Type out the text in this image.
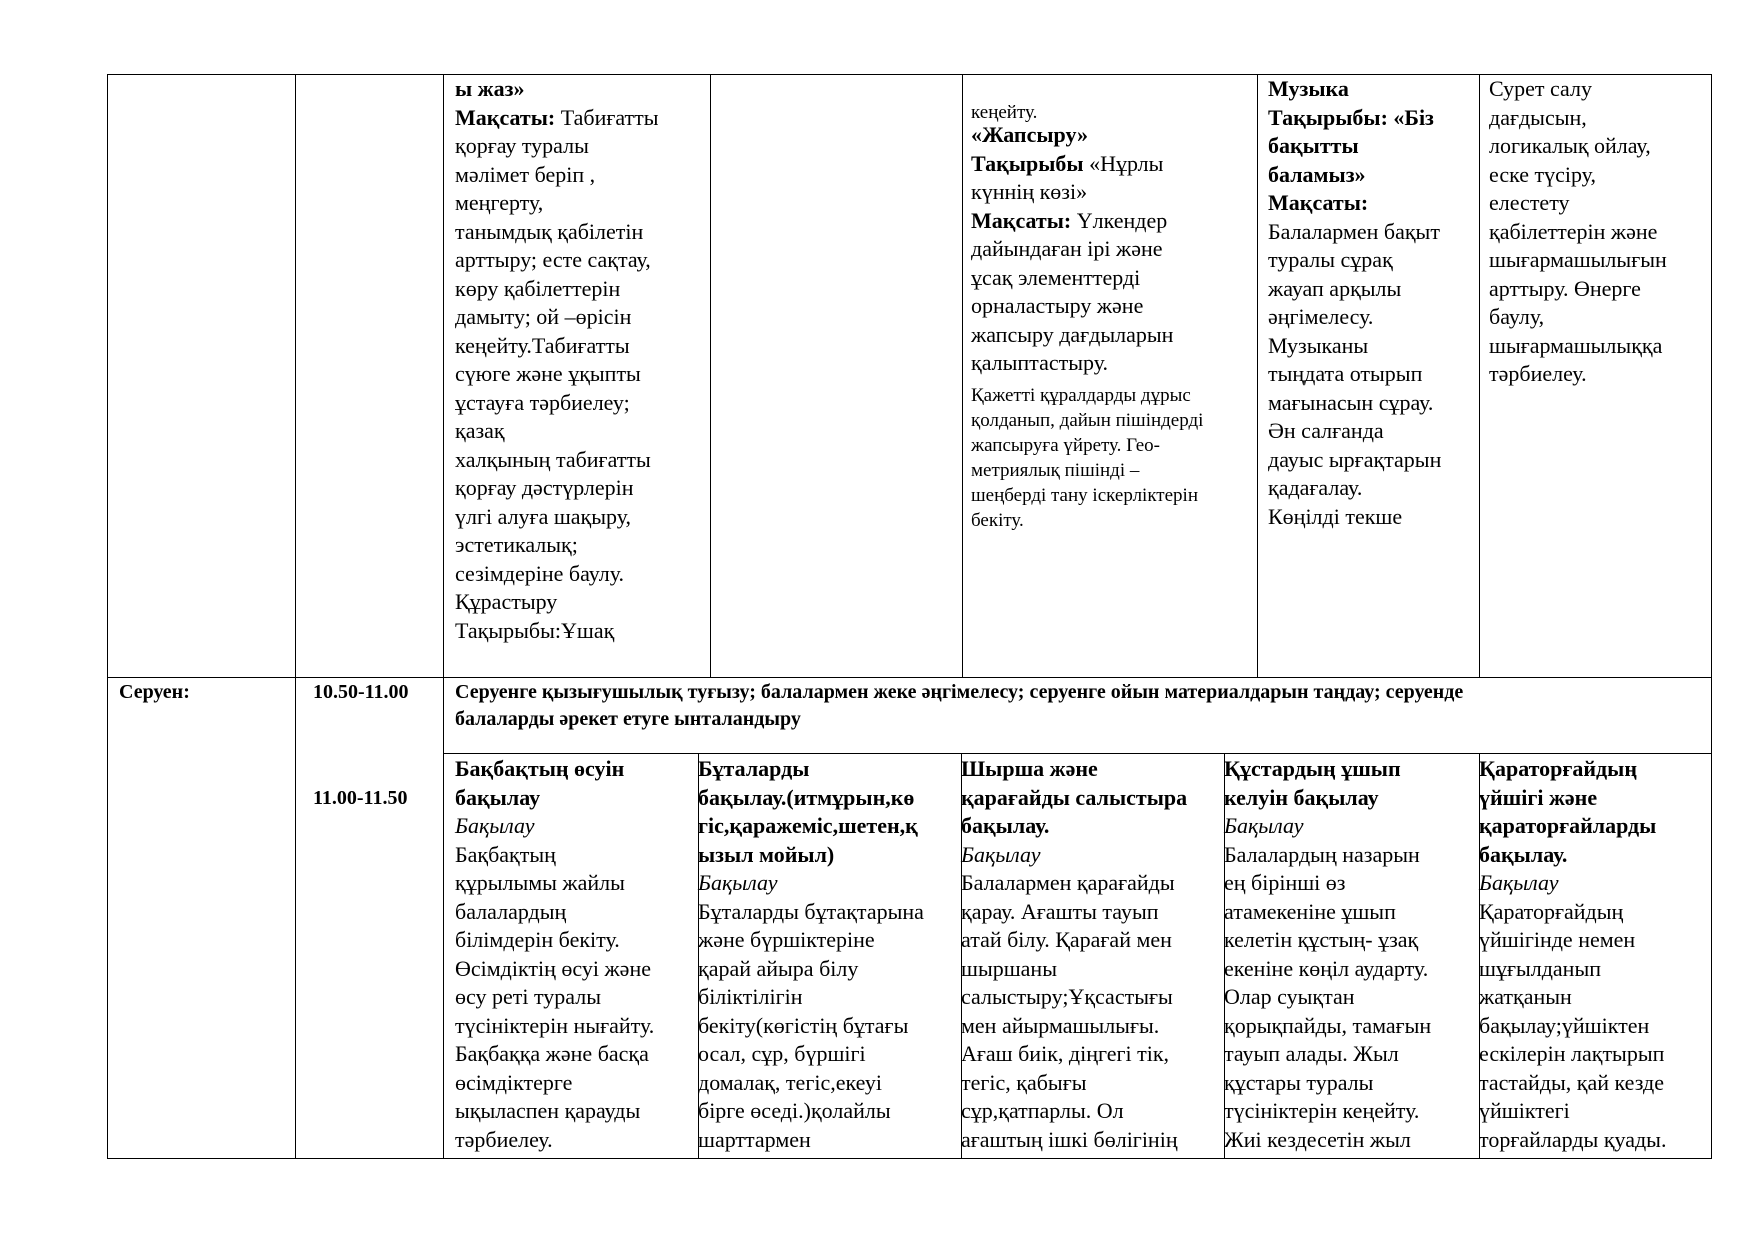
ы жаз»
Мақсаты: Табиғатты
қорғау туралы
мәлімет беріп ,
меңгерту,
танымдық қабілетін
арттыру; есте сақтау,
көру қабілеттерін
дамыту; ой –өрісін
кеңейту.Табиғатты
сүюге және ұқыпты
ұстауға тәрбиелеу;
қазақ
халқының табиғатты
қорғау дәстүрлерін
үлгі алуға шақыру,
эстетикалық;
сезімдеріне баулу.
Құрастыру
Тақырыбы:Ұшақ

кеңейту.

«Жапсыру»
Тақырыбы «Нұрлы
күннің көзі»
Мақсаты: Үлкендер
дайындаған ірі және
ұсақ элементтерді
орналастыру және
жапсыру дағдыларын
қалыптастыру.
Қажетті құралдарды дұрыс
қолданып, дайын пішіндерді
жапсыруға үйрету. Гео-
метриялық пішінді –
шеңберді тану іскерліктерін
бекіту.
Музыка
Тақырыбы: «Біз
бақытты
баламыз»
Мақсаты:
Балалармен бақыт
туралы сұрақ
жауап арқылы
әңгімелесу.
Музыканы
тыңдата отырып
мағынасын сұрау.
Ән салғанда
дауыс ырғақтарын
қадағалау.
Көңілді текше
Сурет салу
дағдысын,
логикалық ойлау,
еске түсіру,
елестету
қабілеттерін және
шығармашылығын
арттыру. Өнерге
баулу,
шығармашылыққа
тәрбиелеу.
Серуен:	10.50-11.00
11.00-11.50
Серуенге қызығушылық туғызу; балалармен жеке әңгімелесу; серуенге ойын материалдарын таңдау; серуенде
балаларды әрекет етуге ынталандыру
Бақбақтың өсуін
бақылау
Бақылау
Бақбақтың
құрылымы жайлы
балалардың
білімдерін бекіту.
Өсімдіктің өсуі және
өсу реті туралы
түсініктерін нығайту.
Бақбаққа және басқа
өсімдіктерге
ықыласпен қарауды
тәрбиелеу.
Бұталарды
бақылау.(итмұрын,кө
гіс,қаражеміс,шетен,қ
ызыл мойыл)
Бақылау
Бұталарды бұтақтарына
және бүршіктеріне
қарай айыра білу
біліктілігін
бекіту(көгістің бұтағы
осал, сұр, бүршігі
домалақ, тегіс,екеуі
бірге өседі.)қолайлы
шарттармен
Шырша және
қарағайды салыстыра
бақылау.
Бақылау
Балалармен қарағайды
қарау. Ағашты тауып
атай білу. Қарағай мен
шыршаны
салыстыру;Ұқсастығы
мен айырмашылығы.
Ағаш биік, діңгегі тік,
тегіс, қабығы
сұр,қатпарлы. Ол
ағаштың ішкі бөлігінің
Құстардың ұшып
келуін бақылау
Бақылау
Балалардың назарын
ең бірінші өз
атамекеніне ұшып
келетін құстың- ұзақ
екеніне көңіл аударту.
Олар суықтан
қорықпайды, тамағын
тауып алады. Жыл
құстары туралы
түсініктерін кеңейту.
Жиі кездесетін жыл
Қараторғайдың
үйшігі және
қараторғайларды
бақылау.
Бақылау
Қараторғайдың
үйшігінде немен
шұғылданып
жатқанын
бақылау;үйшіктен
ескілерін лақтырып
тастайды, қай кезде
үйшіктегі
торғайларды қуады.
